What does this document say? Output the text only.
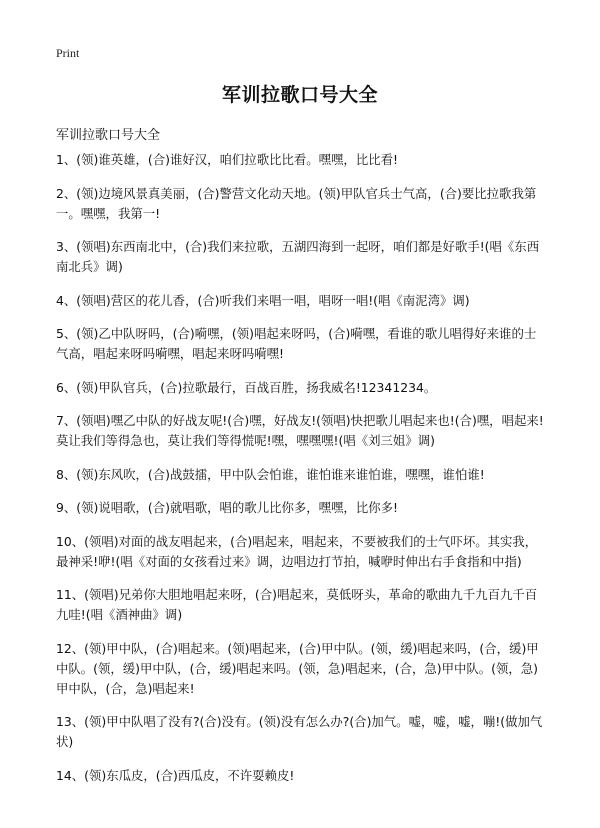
Print
军训拉歌口号大全
军训拉歌口号大全
1、(领)谁英雄，(合)谁好汉，咱们拉歌比比看。嘿嘿，比比看!
2、(领)边境风景真美丽，(合)警营文化动天地。(领)甲队官兵士气高，(合)要比拉歌我第一。嘿嘿，我第一!
3、(领唱)东西南北中，(合)我们来拉歌，五湖四海到一起呀，咱们都是好歌手!(唱《东西南北兵》调)
4、(领唱)营区的花儿香，(合)听我们来唱一唱，唱呀一唱!(唱《南泥湾》调)
5、(领)乙中队呀吗，(合)嗬嘿，(领)唱起来呀吗，(合)嗬嘿，看谁的歌儿唱得好来谁的士气高，唱起来呀吗嗬嘿，唱起来呀吗嗬嘿!
6、(领)甲队官兵，(合)拉歌最行，百战百胜，扬我威名!12341234。
7、(领唱)嘿乙中队的好战友呢!(合)嘿，好战友!(领唱)快把歌儿唱起来也!(合)嘿，唱起来!莫让我们等得急也，莫让我们等得慌呢!嘿，嘿嘿嘿!(唱《刘三姐》调)
8、(领)东风吹，(合)战鼓擂，甲中队会怕谁，谁怕谁来谁怕谁，嘿嘿，谁怕谁!
9、(领)说唱歌，(合)就唱歌，唱的歌儿比你多，嘿嘿，比你多!
10、(领唱)对面的战友唱起来，(合)唱起来，唱起来，不要被我们的士气吓坏。其实我，最神采!咿!(唱《对面的女孩看过来》调，边唱边打节拍，喊咿时伸出右手食指和中指)
11、(领唱)兄弟你大胆地唱起来呀，(合)唱起来，莫低呀头，革命的歌曲九千九百九千百九哇!(唱《酒神曲》调)
12、(领)甲中队，(合)唱起来。(领)唱起来，(合)甲中队。(领，缓)唱起来吗，(合，缓)甲中队。(领，缓)甲中队，(合，缓)唱起来吗。(领，急)唱起来，(合，急)甲中队。(领，急)甲中队，(合，急)唱起来!
13、(领)甲中队唱了没有?(合)没有。(领)没有怎么办?(合)加气。嘘，嘘，嘘，嘣!(做加气状)
14、(领)东瓜皮，(合)西瓜皮，不许耍赖皮!
